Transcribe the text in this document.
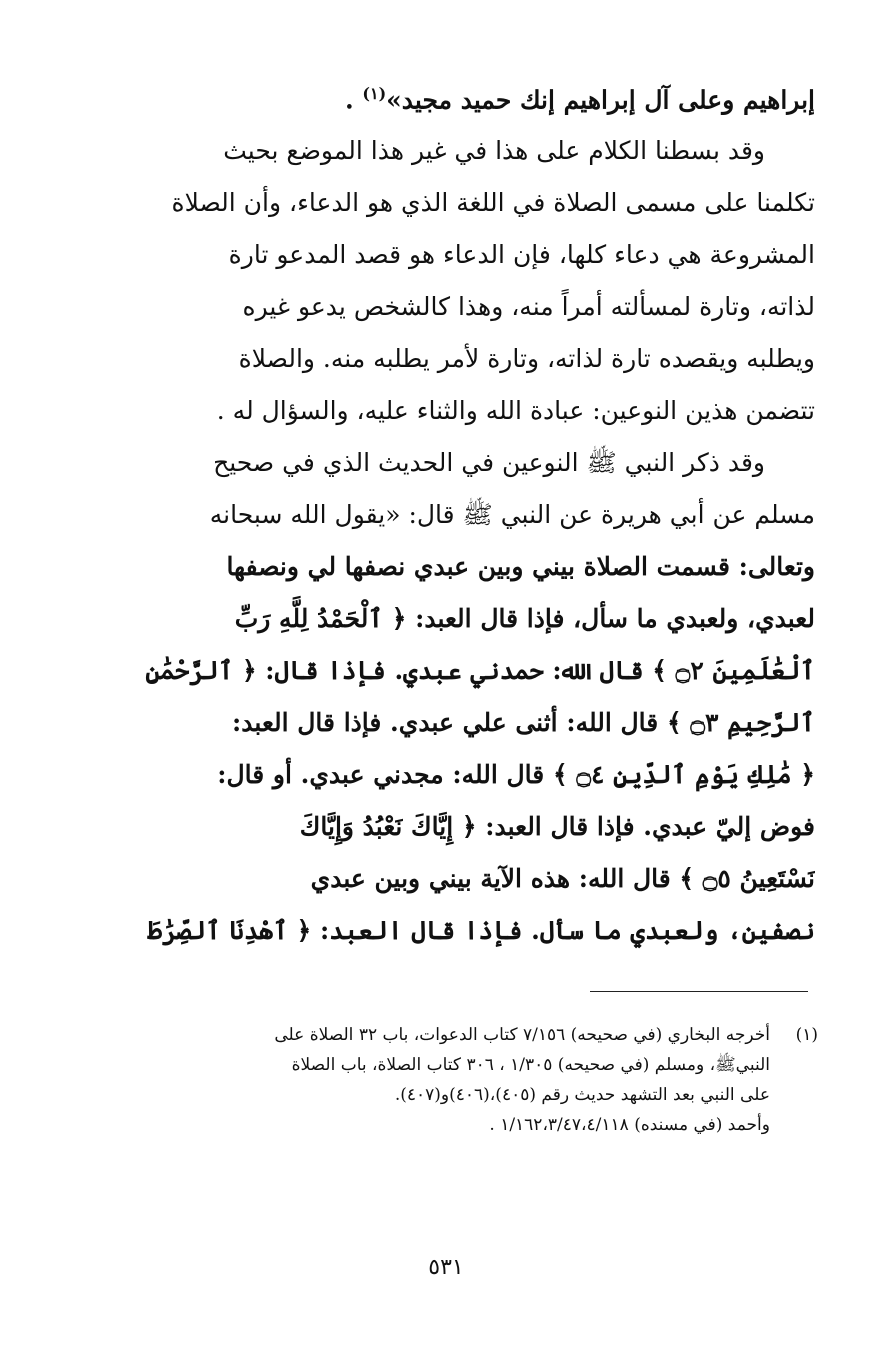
إبراهيم وعلى آل إبراهيم إنك حميد مجيد»$^{(١)}$ .
وقد بسطنا الكلام على هذا في غير هذا الموضع بحيث
تكلمنا على مسمى الصلاة في اللغة الذي هو الدعاء، وأن الصلاة
المشروعة هي دعاء كلها، فإن الدعاء هو قصد المدعو تارة
لذاته، وتارة لمسألته أمراً منه، وهذا كالشخص يدعو غيره
ويطلبه ويقصده تارة لذاته، وتارة لأمر يطلبه منه. والصلاة
تتضمن هذين النوعين: عبادة الله والثناء عليه، والسؤال له .
وقد ذكر النبي ﷺ النوعين في الحديث الذي في صحيح
مسلم عن أبي هريرة عن النبي ﷺ قال: «يقول الله سبحانه
وتعالى: قسمت الصلاة بيني وبين عبدي نصفها لي ونصفها
لعبدي، ولعبدي ما سأل، فإذا قال العبد: ﴿ ٱلْحَمْدُ لِلَّهِ رَبِّ
ٱلْعَٰلَمِينَ ۝٢ ﴾ قال الله: حمدني عبدي. فإذا قال: ﴿ ٱلرَّحْمَٰنِ
ٱلرَّحِيمِ ۝٣ ﴾ قال الله: أثنى علي عبدي. فإذا قال العبد:
﴿ مَٰلِكِ يَوْمِ ٱلدِّينِ ۝٤ ﴾ قال الله: مجدني عبدي. أو قال:
فوض إليّ عبدي. فإذا قال العبد: ﴿ إِيَّاكَ نَعْبُدُ وَإِيَّاكَ
نَسْتَعِينُ ۝٥ ﴾ قال الله: هذه الآية بيني وبين عبدي
نصفين، ولعبدي ما سأل. فإذا قال العبد: ﴿ ٱهْدِنَا ٱلصِّرَٰطَ
(١)أخرجه البخاري (في صحيحه) ٧/١٥٦ كتاب الدعوات، باب ٣٢ الصلاة على
النبيﷺ، ومسلم (في صحيحه) ١/٣٠٥ ، ٣٠٦ كتاب الصلاة، باب الصلاة
على النبي بعد التشهد حديث رقم (٤٠٥)،(٤٠٦)و(٤٠٧).
وأحمد (في مسنده) ١/١٦٢،٣/٤٧،٤/١١٨ .
٥٣١
